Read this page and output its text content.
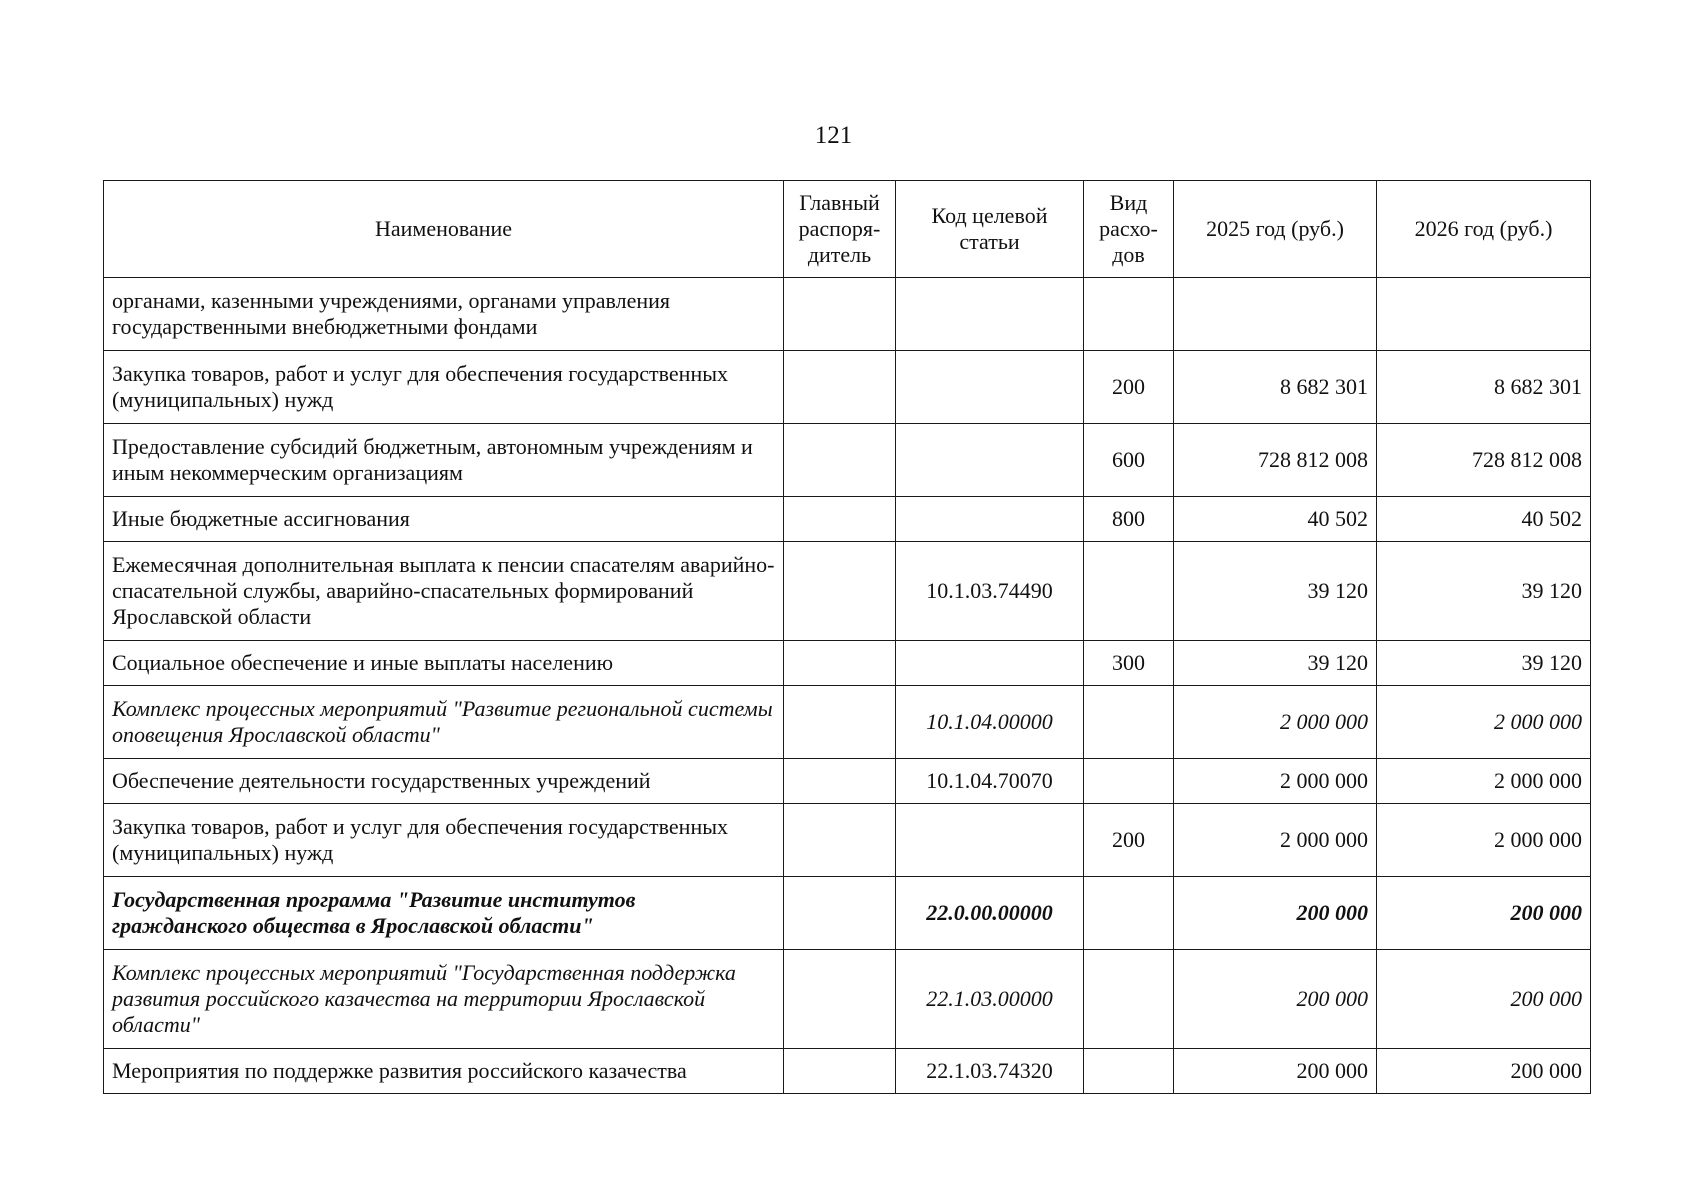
121
Наименование	Главный распоря-дитель	Код целевой статьи	Вид расхо-дов	2025 год (руб.)	2026 год (руб.)
органами, казенными учреждениями, органами управления государственными внебюджетными фондами					
Закупка товаров, работ и услуг для обеспечения государственных (муниципальных) нужд			200	8 682 301	8 682 301
Предоставление субсидий бюджетным, автономным учреждениям и иным некоммерческим организациям			600	728 812 008	728 812 008
Иные бюджетные ассигнования			800	40 502	40 502
Ежемесячная дополнительная выплата к пенсии спасателям аварийно-спасательной службы, аварийно-спасательных формирований Ярославской области		10.1.03.74490		39 120	39 120
Социальное обеспечение и иные выплаты населению			300	39 120	39 120
Комплекс процессных мероприятий "Развитие региональной системы оповещения Ярославской области"		10.1.04.00000		2 000 000	2 000 000
Обеспечение деятельности государственных учреждений		10.1.04.70070		2 000 000	2 000 000
Закупка товаров, работ и услуг для обеспечения государственных (муниципальных) нужд			200	2 000 000	2 000 000
Государственная программа "Развитие институтов гражданского общества в Ярославской области"		22.0.00.00000		200 000	200 000
Комплекс процессных мероприятий "Государственная поддержка развития российского казачества на территории Ярославской области"		22.1.03.00000		200 000	200 000
Мероприятия по поддержке развития российского казачества		22.1.03.74320		200 000	200 000
